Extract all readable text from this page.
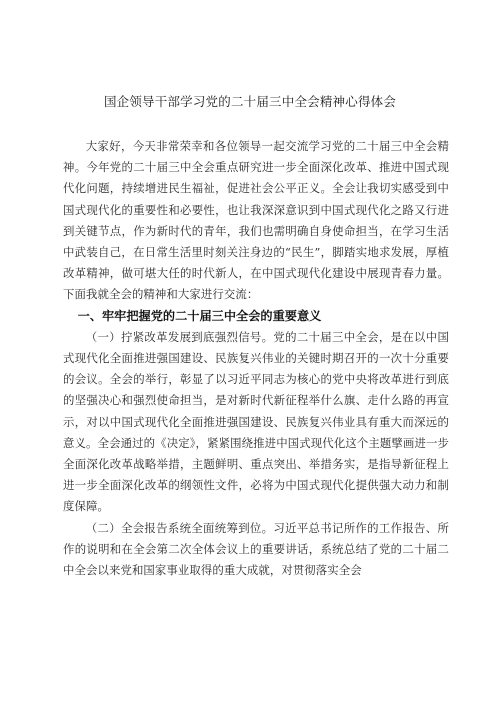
国企领导干部学习党的二十届三中全会精神心得体会

大家好，今天非常荣幸和各位领导一起交流学习党的二十届三中全会精神。今年党的二十届三中全会重点研究进一步全面深化改革、推进中国式现代化问题，持续增进民生福祉，促进社会公平正义。全会让我切实感受到中国式现代化的重要性和必要性，也让我深深意识到中国式现代化之路又行进到关键节点，作为新时代的青年，我们也需明确自身使命担当，在学习生活中武装自己，在日常生活里时刻关注身边的“民生”，脚踏实地求发展，厚植改革精神，做可堪大任的时代新人，在中国式现代化建设中展现青春力量。下面我就全会的精神和大家进行交流：

一、牢牢把握党的二十届三中全会的重要意义

（一）拧紧改革发展到底强烈信号。党的二十届三中全会，是在以中国式现代化全面推进强国建设、民族复兴伟业的关键时期召开的一次十分重要的会议。全会的举行，彰显了以习近平同志为核心的党中央将改革进行到底的坚强决心和强烈使命担当，是对新时代新征程举什么旗、走什么路的再宣示，对以中国式现代化全面推进强国建设、民族复兴伟业具有重大而深远的意义。全会通过的《决定》，紧紧围绕推进中国式现代化这个主题擘画进一步全面深化改革战略举措，主题鲜明、重点突出、举措务实，是指导新征程上进一步全面深化改革的纲领性文件，必将为中国式现代化提供强大动力和制度保障。

（二）全会报告系统全面统筹到位。习近平总书记所作的工作报告、所作的说明和在全会第二次全体会议上的重要讲话，系统总结了党的二十届二中全会以来党和国家事业取得的重大成就，对贯彻落实全会
